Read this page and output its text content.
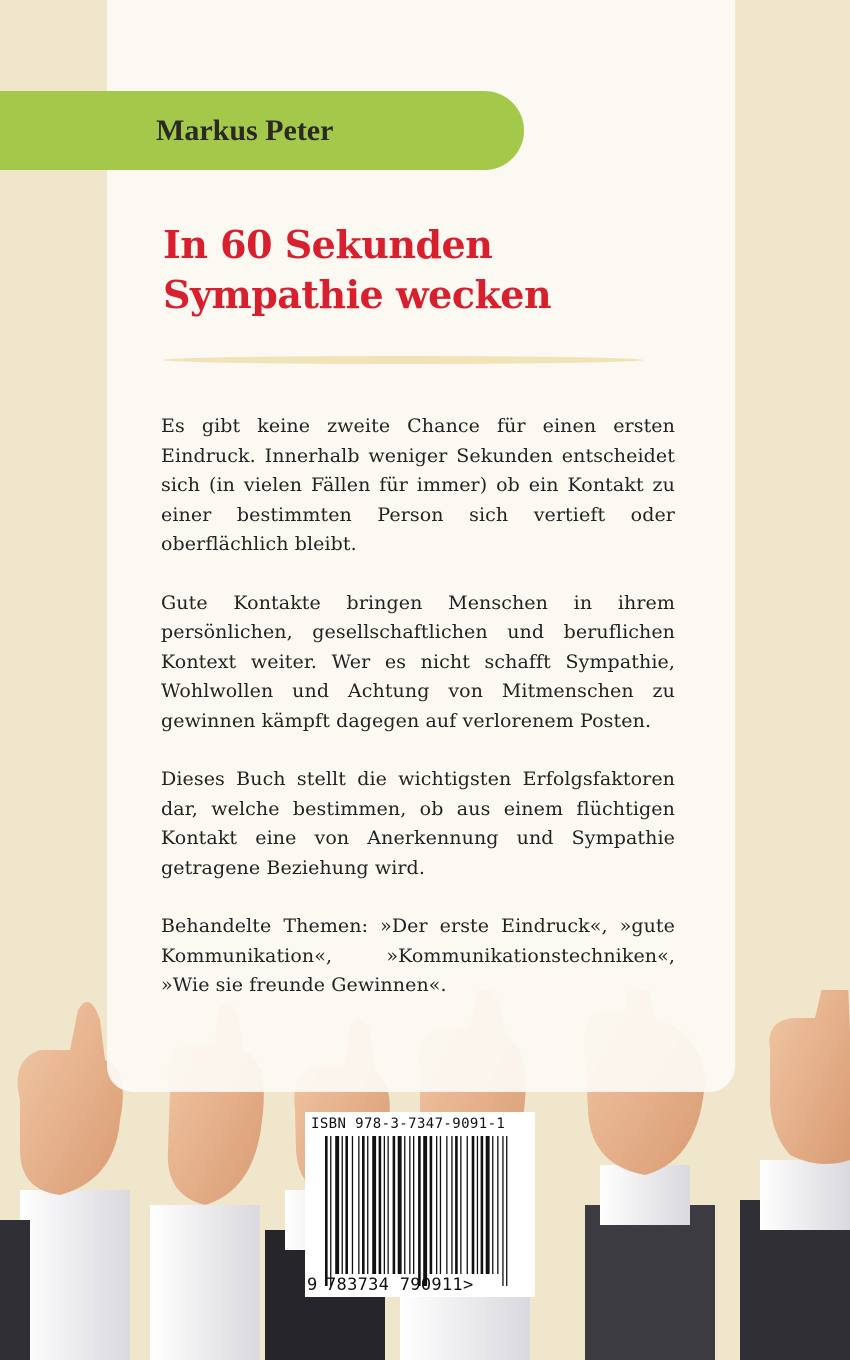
Markus Peter
In 60 Sekunden
Sympathie wecken

Es gibt keine zweite Chance für einen ersten Eindruck. Innerhalb weniger Sekunden entscheidet sich (in vielen Fällen für immer) ob ein Kontakt zu einer bestimmten Person sich vertieft oder oberflächlich bleibt.

Gute Kontakte bringen Menschen in ihrem persönlichen, gesellschaftlichen und beruflichen Kontext weiter. Wer es nicht schafft Sympathie, Wohlwollen und Achtung von Mitmenschen zu gewinnen kämpft dagegen auf verlorenem Posten.

Dieses Buch stellt die wichtigsten Erfolgsfaktoren dar, welche bestimmen, ob aus einem flüchtigen Kontakt eine von Anerkennung und Sympathie getragene Beziehung wird.

Behandelte Themen: »Der erste Eindruck«, »gute Kommunikation«, »Kommunikationstechniken«, »Wie sie freunde Gewinnen«.

ISBN 978-3-7347-9091-1
9 783734 790911>
